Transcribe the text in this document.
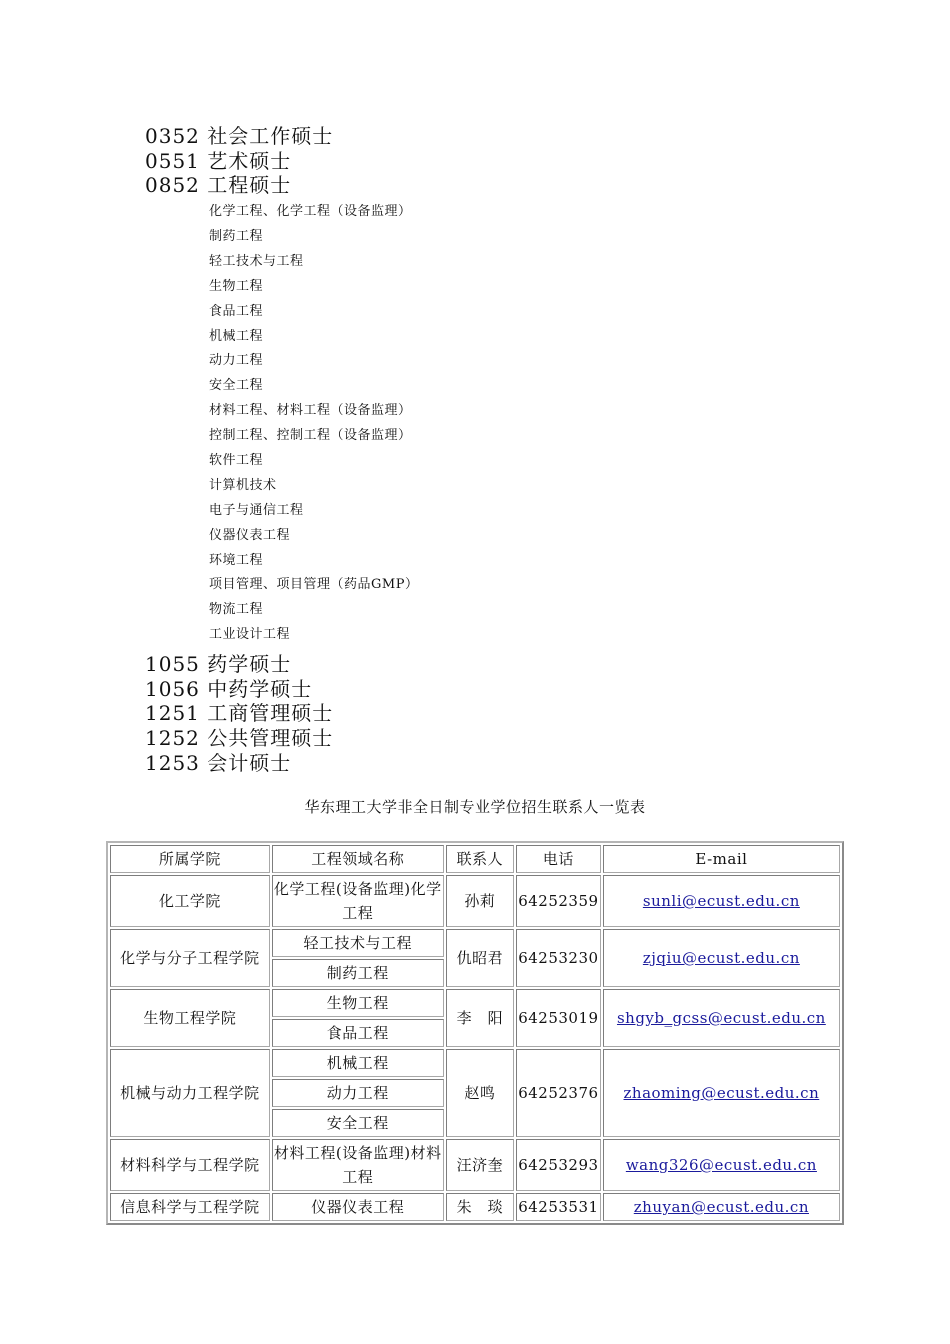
0352 社会工作硕士
0551 艺术硕士
0852 工程硕士
化学工程、化学工程（设备监理）
制药工程
轻工技术与工程
生物工程
食品工程
机械工程
动力工程
安全工程
材料工程、材料工程（设备监理）
控制工程、控制工程（设备监理）
软件工程
计算机技术
电子与通信工程
仪器仪表工程
环境工程
项目管理、项目管理（药品GMP）
物流工程
工业设计工程
1055 药学硕士
1056 中药学硕士
1251 工商管理硕士
1252 公共管理硕士
1253 会计硕士
华东理工大学非全日制专业学位招生联系人一览表
所属学院	工程领域名称	联系人	电话	E-mail
化工学院	化学工程(设备监理)化学工程	孙莉	64252359	sunli@ecust.edu.cn
化学与分子工程学院	轻工技术与工程	仇昭君	64253230	zjqiu@ecust.edu.cn
	制药工程			
生物工程学院	生物工程	李　阳	64253019	shgyb_gcss@ecust.edu.cn
	食品工程			
机械与动力工程学院	机械工程	赵鸣	64252376	zhaoming@ecust.edu.cn
	动力工程			
	安全工程			
材料科学与工程学院	材料工程(设备监理)材料工程	汪济奎	64253293	wang326@ecust.edu.cn
信息科学与工程学院	仪器仪表工程	朱　琰	64253531	zhuyan@ecust.edu.cn
